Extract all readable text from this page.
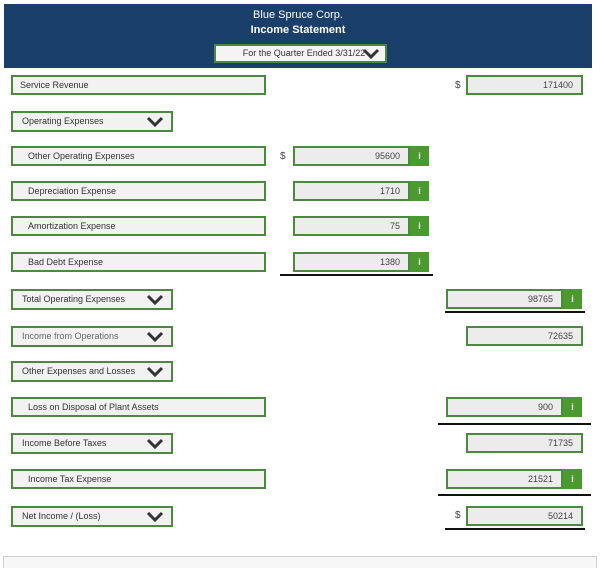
Blue Spruce Corp.
Income Statement
For the Quarter Ended 3/31/22
Service Revenue	$	171400
Operating Expenses
Other Operating Expenses	$	95600	i
Depreciation Expense	1710	i
Amortization Expense	75	i
Bad Debt Expense	1380	i
Total Operating Expenses	98765	i
Income from Operations	72635
Other Expenses and Losses
Loss on Disposal of Plant Assets	900	i
Income Before Taxes	71735
Income Tax Expense	21521	i
Net Income / (Loss)	$	50214
